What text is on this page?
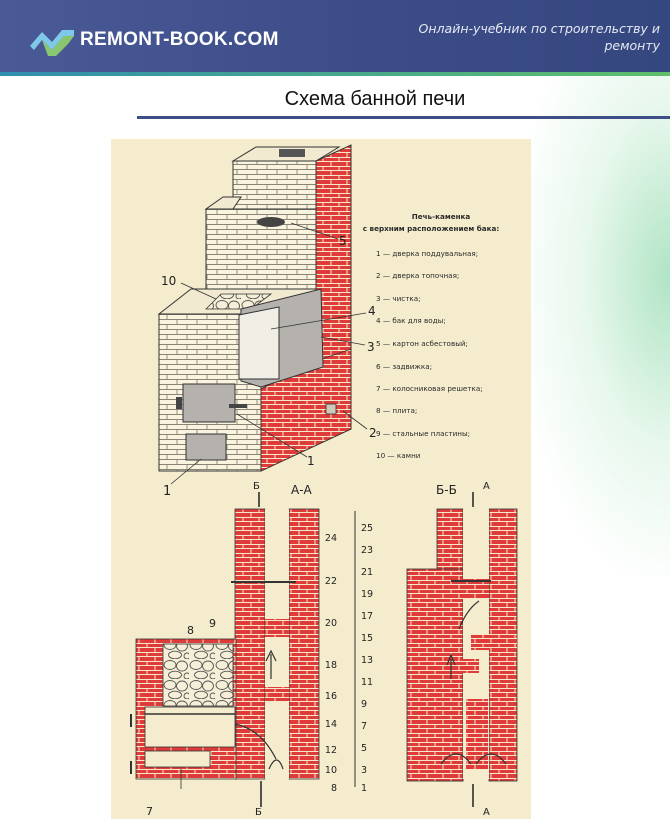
REMONT-BOOK.COM
Онлайн-учебник по строительству и ремонту
Схема банной печи
5
4
3
2
1
1
10
Печь-каменка
с верхним расположением бака:
1 — дверка поддувальная;
2 — дверка топочная;
3 — чистка;
4 — бак для воды;
5 — картон асбестовый;
6 — задвижка;
7 — колосниковая решетка;
8 — плита;
9 — стальные пластины;
10 — камни
А-А
Б
8
9
7	Б
24
22
20
18
16
14
12
10
8
25
23
21
19
17
15
13
11
9
7
5
3
1
Б-Б	А
А
